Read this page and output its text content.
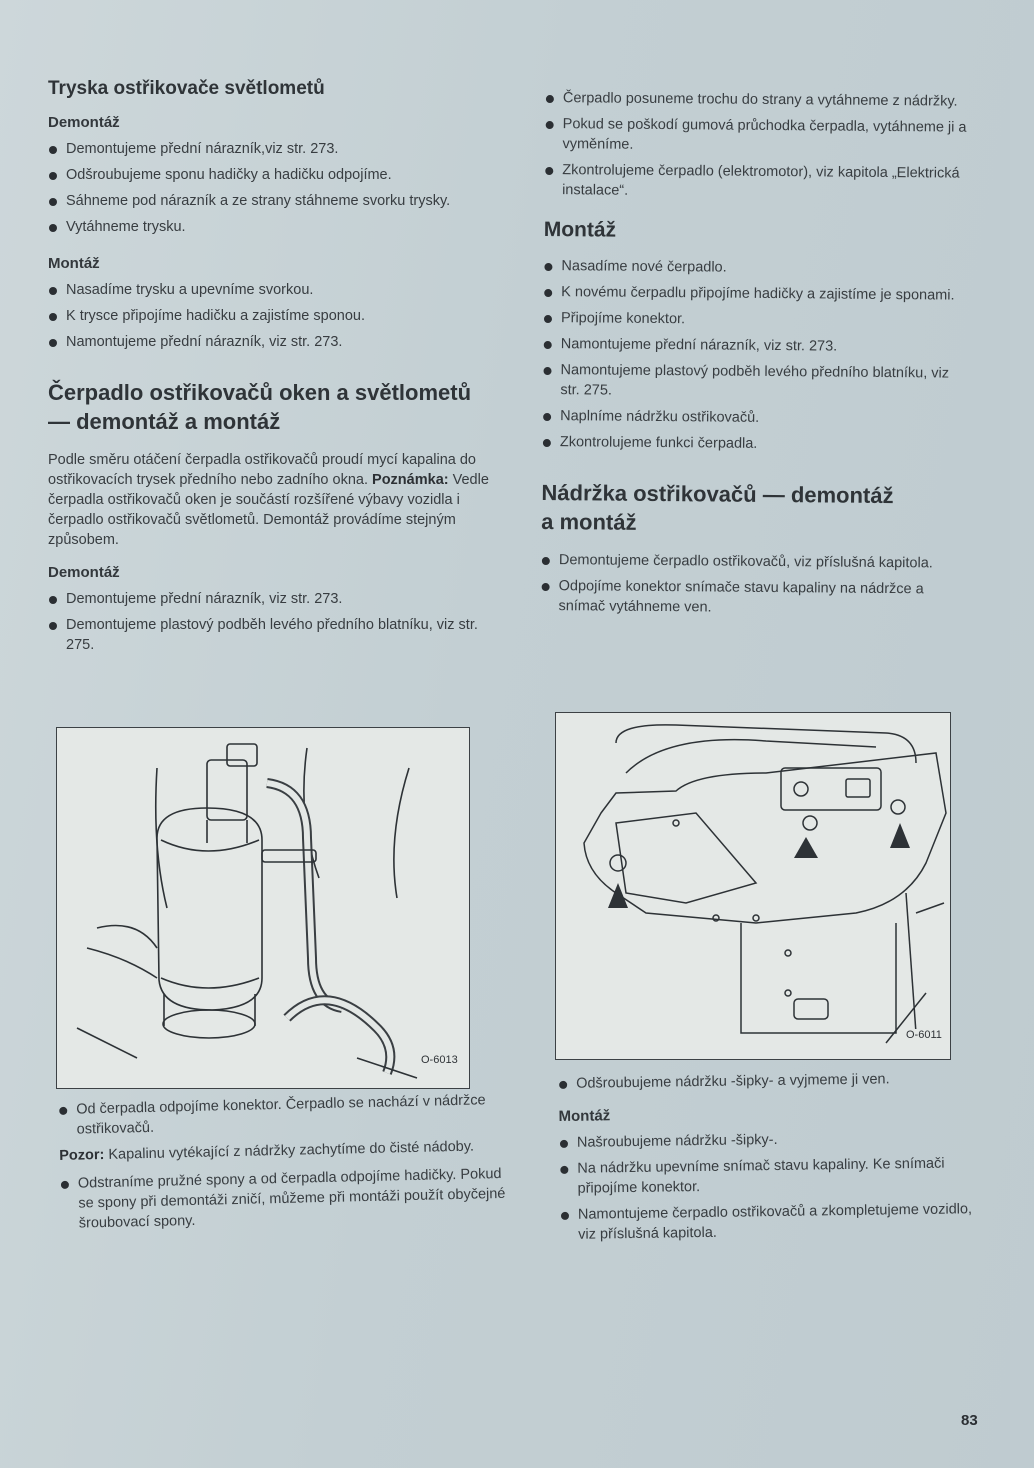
Tryska ostřikovače světlometů
Demontáž
Demontujeme přední nárazník,viz str. 273.
Odšroubujeme sponu hadičky a hadičku odpojíme.
Sáhneme pod nárazník a ze strany stáhneme svorku trysky.
Vytáhneme trysku.
Montáž
Nasadíme trysku a upevníme svorkou.
K trysce připojíme hadičku a zajistíme sponou.
Namontujeme přední nárazník, viz str. 273.
Čerpadlo ostřikovačů oken a světlometů
— demontáž a montáž

Podle směru otáčení čerpadla ostřikovačů proudí mycí kapalina do ostřikovacích trysek předního nebo zadního okna. Poznámka: Vedle čerpadla ostřikovačů oken je součástí rozšířené výbavy vozidla i čerpadlo ostřikovačů světlometů. Demontáž provádíme stejným způsobem.

Demontáž
Demontujeme přední nárazník, viz str. 273.
Demontujeme plastový podběh levého předního blatníku, viz str. 275.
O-6013
Od čerpadla odpojíme konektor. Čerpadlo se nachází v nádržce ostřikovačů.

Pozor: Kapalinu vytékající z nádržky zachytíme do čisté nádoby.

Odstraníme pružné spony a od čerpadla odpojíme hadičky. Pokud se spony při demontáži zničí, můžeme při montáži použít obyčejné šroubovací spony.
Čerpadlo posuneme trochu do strany a vytáhneme z nádržky.
Pokud se poškodí gumová průchodka čerpadla, vytáhneme ji a vyměníme.
Zkontrolujeme čerpadlo (elektromotor), viz kapitola „Elektrická instalace“.
Montáž
Nasadíme nové čerpadlo.
K novému čerpadlu připojíme hadičky a zajistíme je sponami.
Připojíme konektor.
Namontujeme přední nárazník, viz str. 273.
Namontujeme plastový podběh levého předního blatníku, viz str. 275.
Naplníme nádržku ostřikovačů.
Zkontrolujeme funkci čerpadla.
Nádržka ostřikovačů — demontáž
a montáž
Demontujeme čerpadlo ostřikovačů, viz příslušná kapitola.
Odpojíme konektor snímače stavu kapaliny na nádržce a snímač vytáhneme ven.
O-6011
Odšroubujeme nádržku -šipky- a vyjmeme ji ven.
Montáž
Našroubujeme nádržku -šipky-.
Na nádržku upevníme snímač stavu kapaliny. Ke snímači připojíme konektor.
Namontujeme čerpadlo ostřikovačů a zkompletujeme vozidlo, viz příslušná kapitola.
83
